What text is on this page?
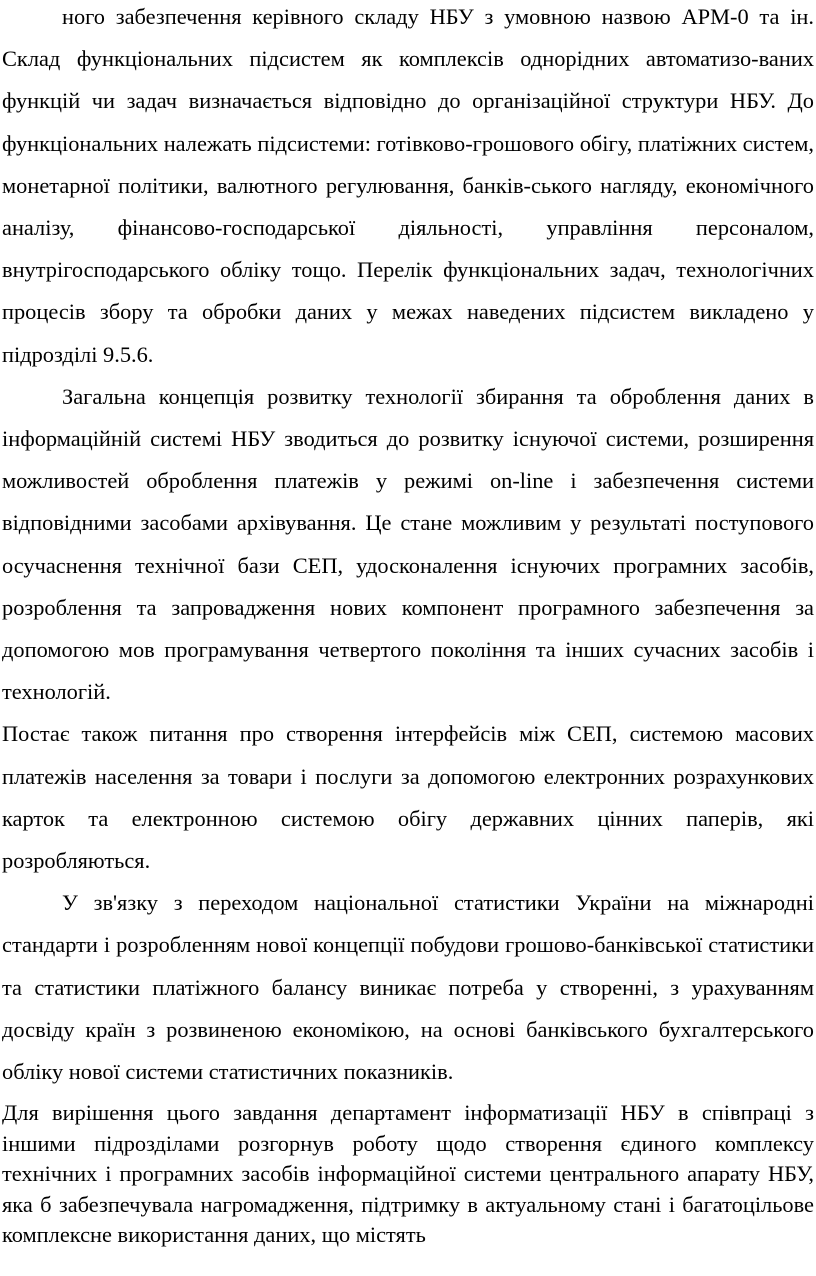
ного забезпечення керівного складу НБУ з умовною назвою АРМ-0 та ін. Склад функціональних підсистем як комплексів однорідних автоматизо-ваних функцій чи задач визначається відповідно до організаційної структури НБУ. До функціональних належать підсистеми: готівково-грошового обігу, платіжних систем, монетарної політики, валютного регулювання, банків-ського нагляду, економічного аналізу, фінансово-господарської діяльності, управління персоналом, внутрігосподарського обліку тощо. Перелік функціональних задач, технологічних процесів збору та обробки даних у межах наведених підсистем викладено у підрозділі 9.5.6.

Загальна концепція розвитку технології збирання та оброблення даних в інформаційній системі НБУ зводиться до розвитку існуючої системи, розширення можливостей оброблення платежів у режимі on-line і забезпечення системи відповідними засобами архівування. Це стане можливим у результаті поступового осучаснення технічної бази СЕП, удосконалення існуючих програмних засобів, розроблення та запровадження нових компонент програмного забезпечення за допомогою мов програмування четвертого покоління та інших сучасних засобів і технологій.

Постає також питання про створення інтерфейсів між СЕП, системою масових платежів населення за товари і послуги за допомогою електронних розрахункових карток та електронною системою обігу державних цінних паперів, які розробляються.

У зв'язку з переходом національної статистики України на міжнародні стандарти і розробленням нової концепції побудови грошово-банківської статистики та статистики платіжного балансу виникає потреба у створенні, з урахуванням досвіду країн з розвиненою економікою, на основі банківського бухгалтерського обліку нової системи статистичних показників.

Для вирішення цього завдання департамент інформатизації НБУ в співпраці з іншими підрозділами розгорнув роботу щодо створення єдиного комплексу технічних і програмних засобів інформаційної системи центрального апарату НБУ, яка б забезпечувала нагромадження, підтримку в актуальному стані і багатоцільове комплексне використання даних, що містять
